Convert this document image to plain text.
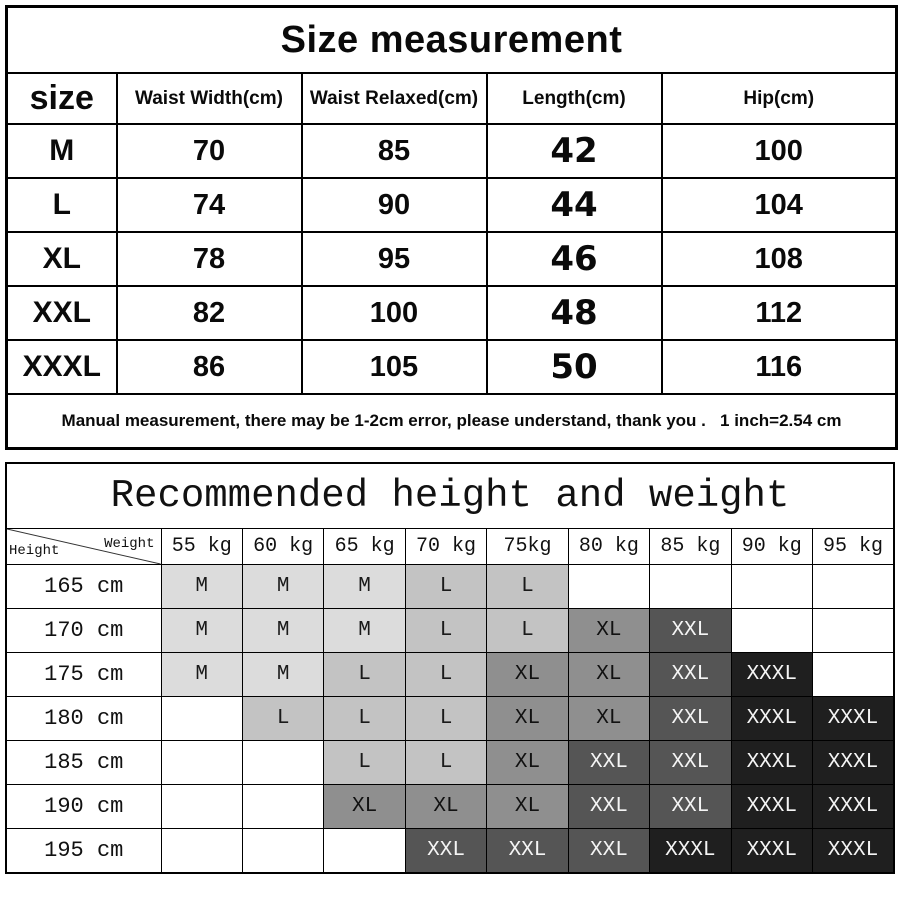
Size measurement				
size	Waist Width(cm)	Waist Relaxed(cm)	Length(cm)	Hip(cm)
M	70	85	42	100
L	74	90	44	104
XL	78	95	46	108
XXL	82	100	48	112
XXXL	86	105	50	116
Manual measurement, there may be 1-2cm error, please understand, thank you .   1 inch=2.54 cm				
Recommended height and weight									

Weight
Height	55 kg	60 kg	65 kg	70 kg	75kg	80 kg	85 kg	90 kg	95 kg
165 cm	M	M	M	L	L				
170 cm	M	M	M	L	L	XL	XXL		
175 cm	M	M	L	L	XL	XL	XXL	XXXL	
180 cm		L	L	L	XL	XL	XXL	XXXL	XXXL
185 cm			L	L	XL	XXL	XXL	XXXL	XXXL
190 cm			XL	XL	XL	XXL	XXL	XXXL	XXXL
195 cm				XXL	XXL	XXL	XXXL	XXXL	XXXL
